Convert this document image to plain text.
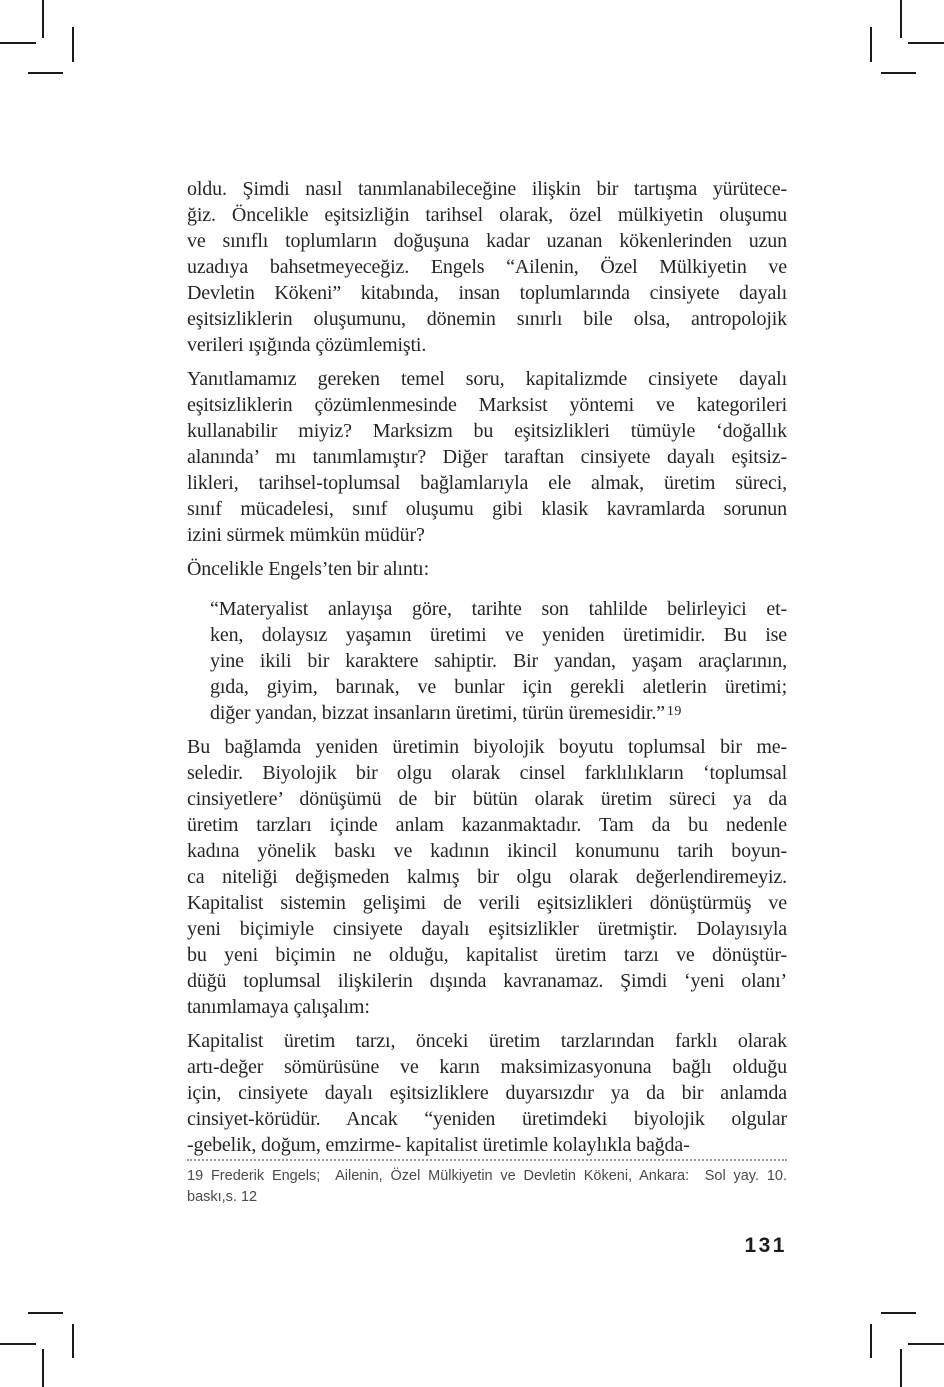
oldu. Şimdi nasıl tanımlanabileceğine ilişkin bir tartışma yürütece-
ğiz. Öncelikle eşitsizliğin tarihsel olarak, özel mülkiyetin oluşumu
ve sınıflı toplumların doğuşuna kadar uzanan kökenlerinden uzun
uzadıya bahsetmeyeceğiz. Engels “Ailenin, Özel Mülkiyetin ve
Devletin Kökeni” kitabında, insan toplumlarında cinsiyete dayalı
eşitsizliklerin oluşumunu, dönemin sınırlı bile olsa, antropolojik
verileri ışığında çözümlemişti.
Yanıtlamamız gereken temel soru, kapitalizmde cinsiyete dayalı
eşitsizliklerin çözümlenmesinde Marksist yöntemi ve kategorileri
kullanabilir miyiz? Marksizm bu eşitsizlikleri tümüyle ‘doğallık
alanında’ mı tanımlamıştır? Diğer taraftan cinsiyete dayalı eşitsiz-
likleri, tarihsel-toplumsal bağlamlarıyla ele almak, üretim süreci,
sınıf mücadelesi, sınıf oluşumu gibi klasik kavramlarda sorunun
izini sürmek mümkün müdür?
Öncelikle Engels’ten bir alıntı:
“Materyalist anlayışa göre, tarihte son tahlilde belirleyici et-
ken, dolaysız yaşamın üretimi ve yeniden üretimidir. Bu ise
yine ikili bir karaktere sahiptir. Bir yandan, yaşam araçlarının,
gıda, giyim, barınak, ve bunlar için gerekli aletlerin üretimi;
diğer yandan, bizzat insanların üretimi, türün üremesidir.” $^{19}$
Bu bağlamda yeniden üretimin biyolojik boyutu toplumsal bir me-
seledir. Biyolojik bir olgu olarak cinsel farklılıkların ‘toplumsal
cinsiyetlere’ dönüşümü de bir bütün olarak üretim süreci ya da
üretim tarzları içinde anlam kazanmaktadır. Tam da bu nedenle
kadına yönelik baskı ve kadının ikincil konumunu tarih boyun-
ca niteliği değişmeden kalmış bir olgu olarak değerlendiremeyiz.
Kapitalist sistemin gelişimi de verili eşitsizlikleri dönüştürmüş ve
yeni biçimiyle cinsiyete dayalı eşitsizlikler üretmiştir. Dolayısıyla
bu yeni biçimin ne olduğu, kapitalist üretim tarzı ve dönüştür-
düğü toplumsal ilişkilerin dışında kavranamaz. Şimdi ‘yeni olanı’
tanımlamaya çalışalım:
Kapitalist üretim tarzı, önceki üretim tarzlarından farklı olarak
artı-değer sömürüsüne ve karın maksimizasyonuna bağlı olduğu
için, cinsiyete dayalı eşitsizliklere duyarsızdır ya da bir anlamda
cinsiyet-körüdür. Ancak “yeniden üretimdeki biyolojik olgular
-gebelik, doğum, emzirme- kapitalist üretimle kolaylıkla bağda-
19 Frederik Engels;  Ailenin, Özel Mülkiyetin ve Devletin Kökeni, Ankara:  Sol yay. 10.
baskı,s. 12
131
